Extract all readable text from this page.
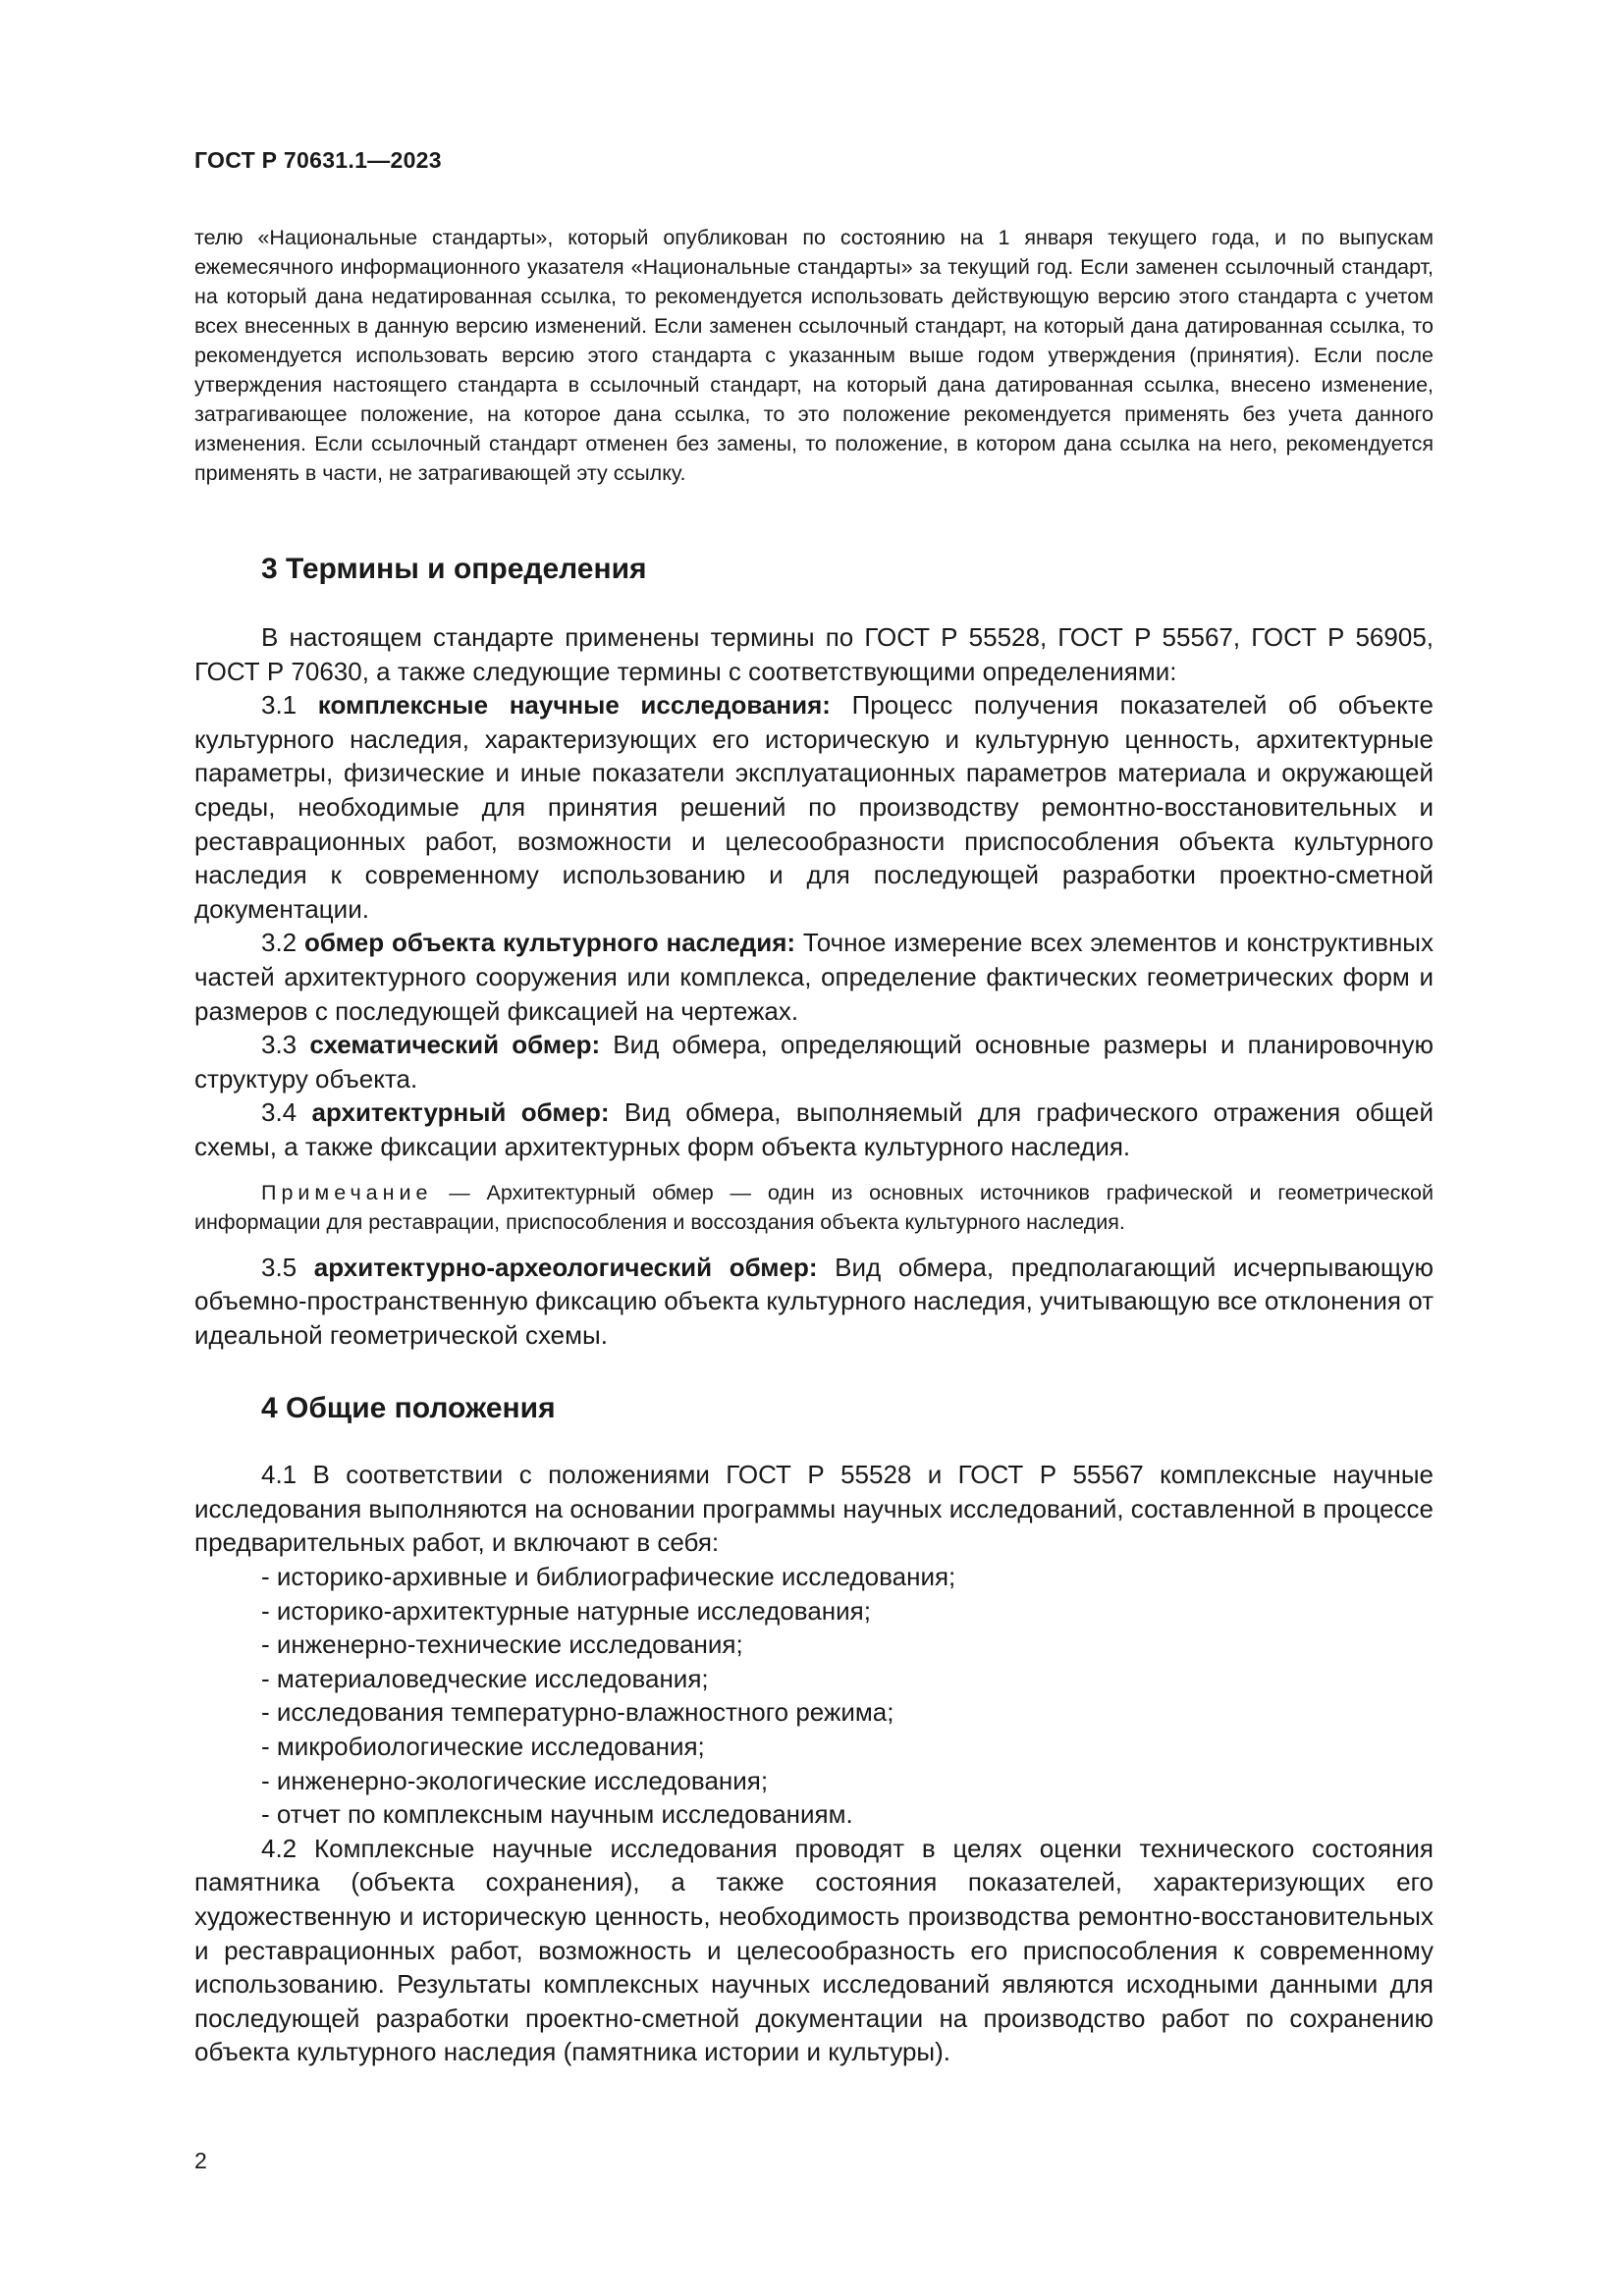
ГОСТ Р 70631.1—2023
телю «Национальные стандарты», который опубликован по состоянию на 1 января текущего года, и по выпускам ежемесячного информационного указателя «Национальные стандарты» за текущий год. Если заменен ссылочный стандарт, на который дана недатированная ссылка, то рекомендуется использовать действующую версию этого стандарта с учетом всех внесенных в данную версию изменений. Если заменен ссылочный стандарт, на который дана датированная ссылка, то рекомендуется использовать версию этого стандарта с указанным выше годом утверждения (принятия). Если после утверждения настоящего стандарта в ссылочный стандарт, на который дана датированная ссылка, внесено изменение, затрагивающее положение, на которое дана ссылка, то это положение рекомендуется применять без учета данного изменения. Если ссылочный стандарт отменен без замены, то положение, в котором дана ссылка на него, рекомендуется применять в части, не затрагивающей эту ссылку.
3 Термины и определения

В настоящем стандарте применены термины по ГОСТ Р 55528, ГОСТ Р 55567, ГОСТ Р 56905, ГОСТ Р 70630, а также следующие термины с соответствующими определениями:

3.1 комплексные научные исследования: Процесс получения показателей об объекте культурного наследия, характеризующих его историческую и культурную ценность, архитектурные параметры, физические и иные показатели эксплуатационных параметров материала и окружающей среды, необходимые для принятия решений по производству ремонтно-восстановительных и реставрационных работ, возможности и целесообразности приспособления объекта культурного наследия к современному использованию и для последующей разработки проектно-сметной документации.

3.2 обмер объекта культурного наследия: Точное измерение всех элементов и конструктивных частей архитектурного сооружения или комплекса, определение фактических геометрических форм и размеров с последующей фиксацией на чертежах.

3.3 схематический обмер: Вид обмера, определяющий основные размеры и планировочную структуру объекта.

3.4 архитектурный обмер: Вид обмера, выполняемый для графического отражения общей схемы, а также фиксации архитектурных форм объекта культурного наследия.

Примечание — Архитектурный обмер — один из основных источников графической и геометрической информации для реставрации, приспособления и воссоздания объекта культурного наследия.

3.5 архитектурно-археологический обмер: Вид обмера, предполагающий исчерпывающую объемно-пространственную фиксацию объекта культурного наследия, учитывающую все отклонения от идеальной геометрической схемы.

4 Общие положения

4.1 В соответствии с положениями ГОСТ Р 55528 и ГОСТ Р 55567 комплексные научные исследования выполняются на основании программы научных исследований, составленной в процессе предварительных работ, и включают в себя:

- историко-архивные и библиографические исследования;
- историко-архитектурные натурные исследования;
- инженерно-технические исследования;
- материаловедческие исследования;
- исследования температурно-влажностного режима;
- микробиологические исследования;
- инженерно-экологические исследования;
- отчет по комплексным научным исследованиям.

4.2 Комплексные научные исследования проводят в целях оценки технического состояния памятника (объекта сохранения), а также состояния показателей, характеризующих его художественную и историческую ценность, необходимость производства ремонтно-восстановительных и реставрационных работ, возможность и целесообразность его приспособления к современному использованию. Результаты комплексных научных исследований являются исходными данными для последующей разработки проектно-сметной документации на производство работ по сохранению объекта культурного наследия (памятника истории и культуры).

2
